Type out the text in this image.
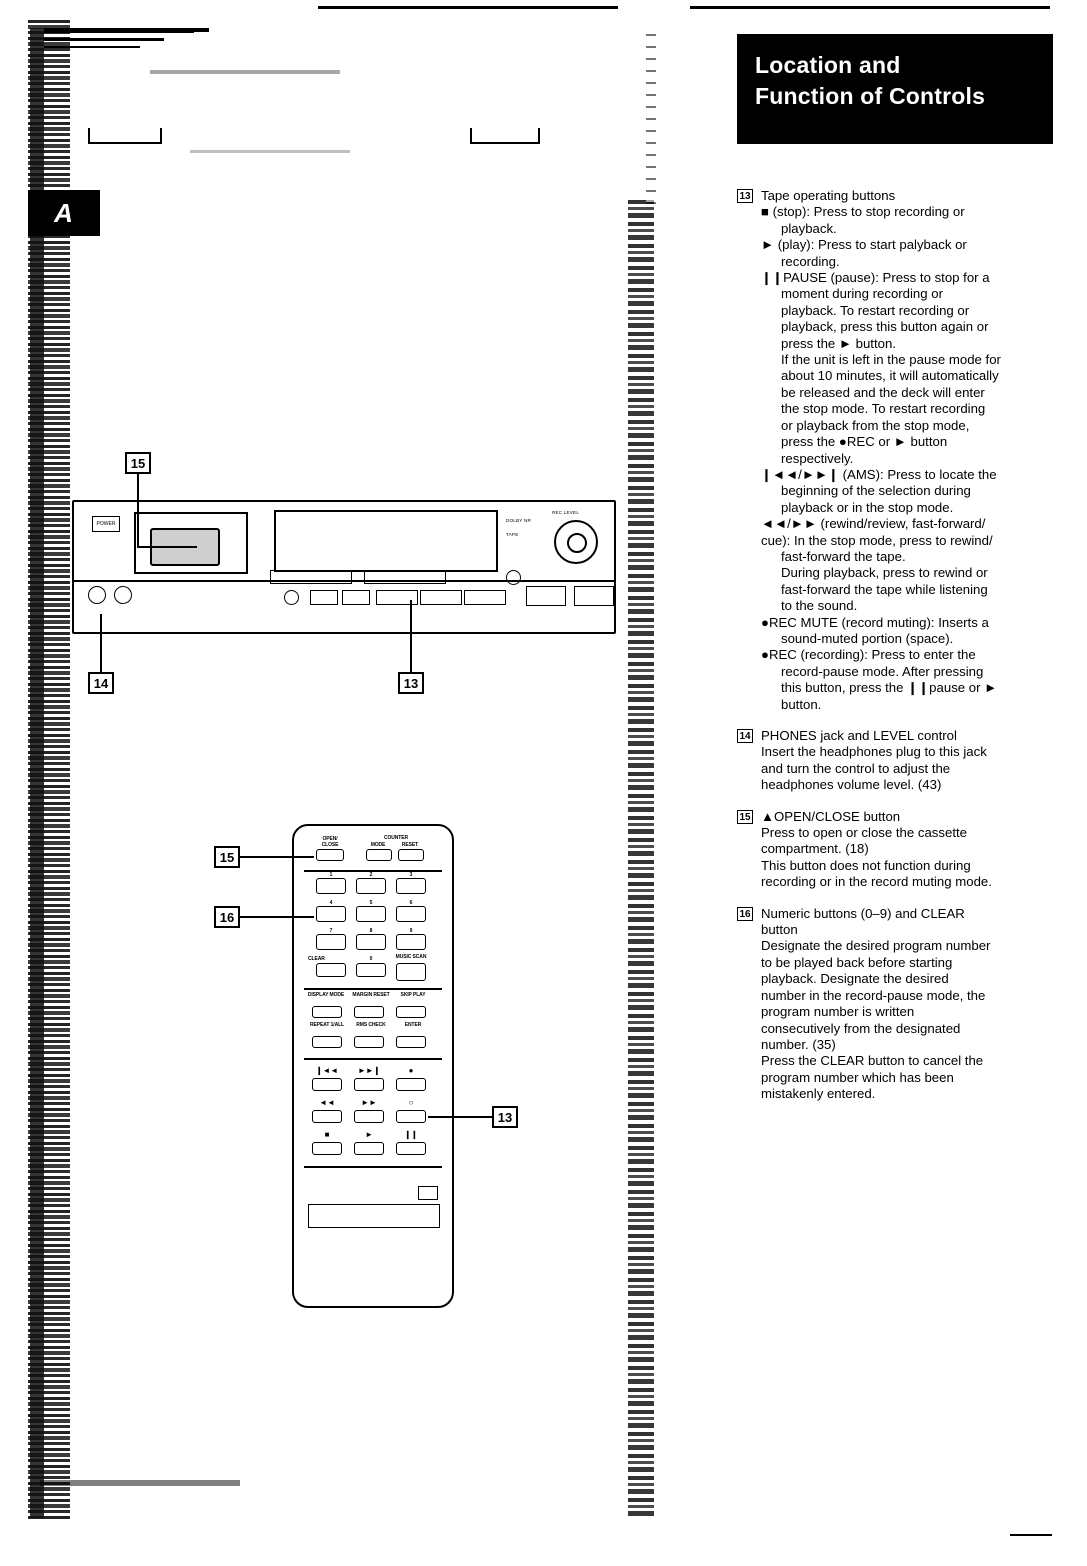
A
Location and
Function of Controls
13 Tape operating buttons
■ (stop): Press to stop recording or
playback.
► (play): Press to start palyback or
recording.
❙❙PAUSE (pause): Press to stop for a
moment during recording or
playback. To restart recording or
playback, press this button again or
press the ► button.
If the unit is left in the pause mode for
about 10 minutes, it will automatically
be released and the deck will enter
the stop mode. To restart recording
or playback from the stop mode,
press the ●REC or ► button
respectively.
❙◄◄/►►❙ (AMS): Press to locate the
beginning of the selection during
playback or in the stop mode.
◄◄/►► (rewind/review, fast-forward/
cue): In the stop mode, press to rewind/
fast-forward the tape.
During playback, press to rewind or
fast-forward the tape while listening
to the sound.
●REC MUTE (record muting): Inserts a
sound-muted portion (space).
●REC (recording): Press to enter the
record-pause mode. After pressing
this button, press the ❙❙pause or ►
button.
14 PHONES jack and LEVEL control
Insert the headphones plug to this jack
and turn the control to adjust the
headphones volume level. (43)
15 ▲OPEN/CLOSE button
Press to open or close the cassette
compartment. (18)
This button does not function during
recording or in the record muting mode.
16 Numeric buttons (0–9) and CLEAR
button
Designate the desired program number
to be played back before starting
playback. Designate the desired
number in the record-pause mode, the
program number is written
consecutively from the designated
number. (35)
Press the CLEAR button to cancel the
program number which has been
mistakenly entered.
POWER
DOLBY NR
TAPE
REC LEVEL
15
14	13
OPEN/
CLOSE
COUNTER
MODE	RESET
1	2	3
4	5	6
7	8	9
CLEAR	0	MUSIC SCAN
DISPLAY MODE	MARGIN RESET	SKIP PLAY
REPEAT 1/ALL	RMS CHECK	ENTER
❙◄◄	►►❙	●
◄◄	►►	○
■	►	❙❙
15
16
13
